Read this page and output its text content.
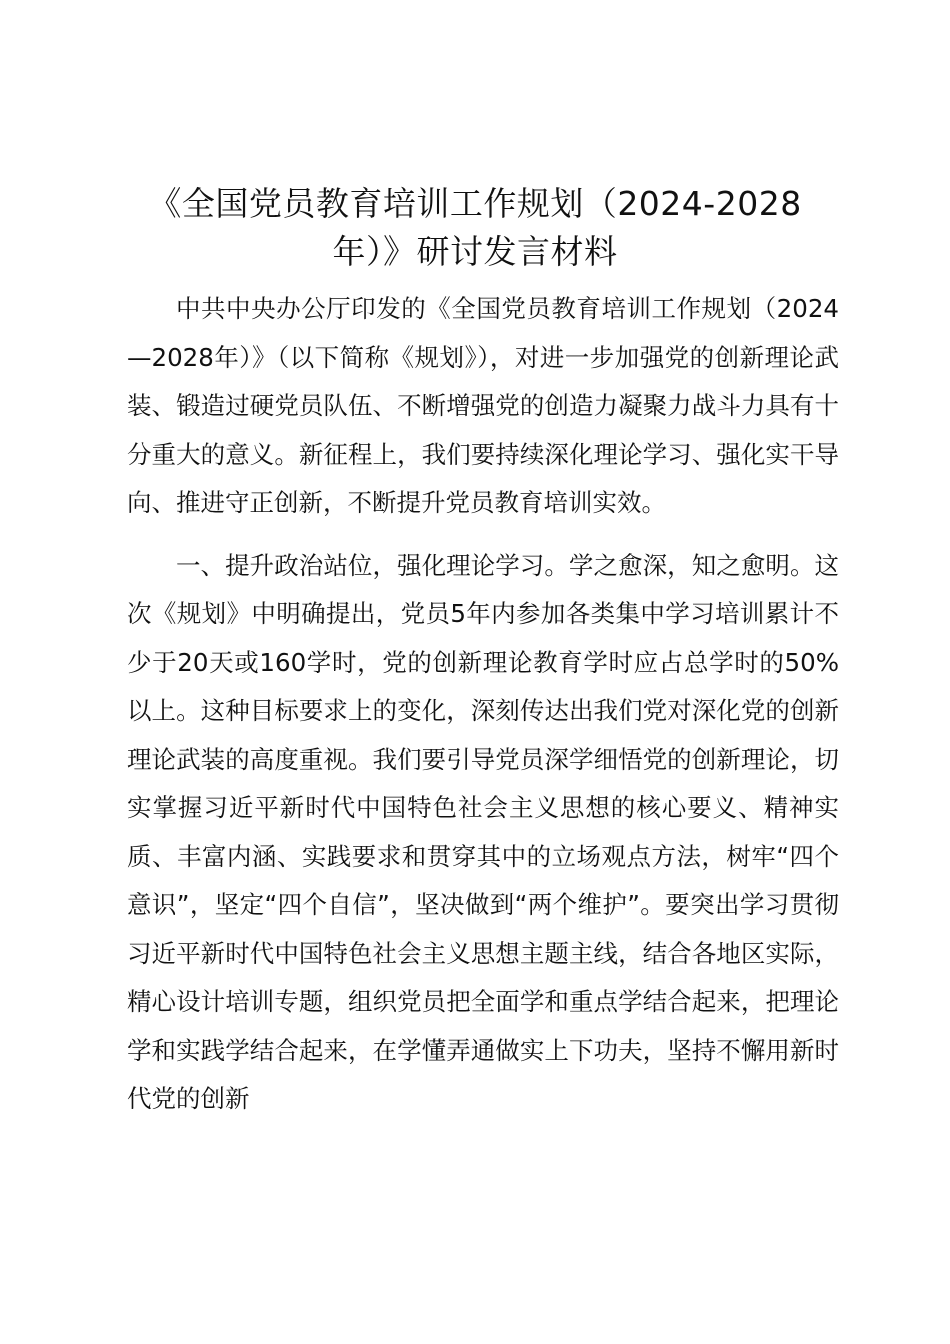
《全国党员教育培训工作规划（2024-2028年）》研讨发言材料

中共中央办公厅印发的《全国党员教育培训工作规划（2024—2028年）》（以下简称《规划》），对进一步加强党的创新理论武装、锻造过硬党员队伍、不断增强党的创造力凝聚力战斗力具有十分重大的意义。新征程上，我们要持续深化理论学习、强化实干导向、推进守正创新，不断提升党员教育培训实效。

一、提升政治站位，强化理论学习。学之愈深，知之愈明。这次《规划》中明确提出，党员5年内参加各类集中学习培训累计不少于20天或160学时，党的创新理论教育学时应占总学时的50%以上。这种目标要求上的变化，深刻传达出我们党对深化党的创新理论武装的高度重视。我们要引导党员深学细悟党的创新理论，切实掌握习近平新时代中国特色社会主义思想的核心要义、精神实质、丰富内涵、实践要求和贯穿其中的立场观点方法，树牢“四个意识”，坚定“四个自信”，坚决做到“两个维护”。要突出学习贯彻习近平新时代中国特色社会主义思想主题主线，结合各地区实际，精心设计培训专题，组织党员把全面学和重点学结合起来，把理论学和实践学结合起来，在学懂弄通做实上下功夫，坚持不懈用新时代党的创新
